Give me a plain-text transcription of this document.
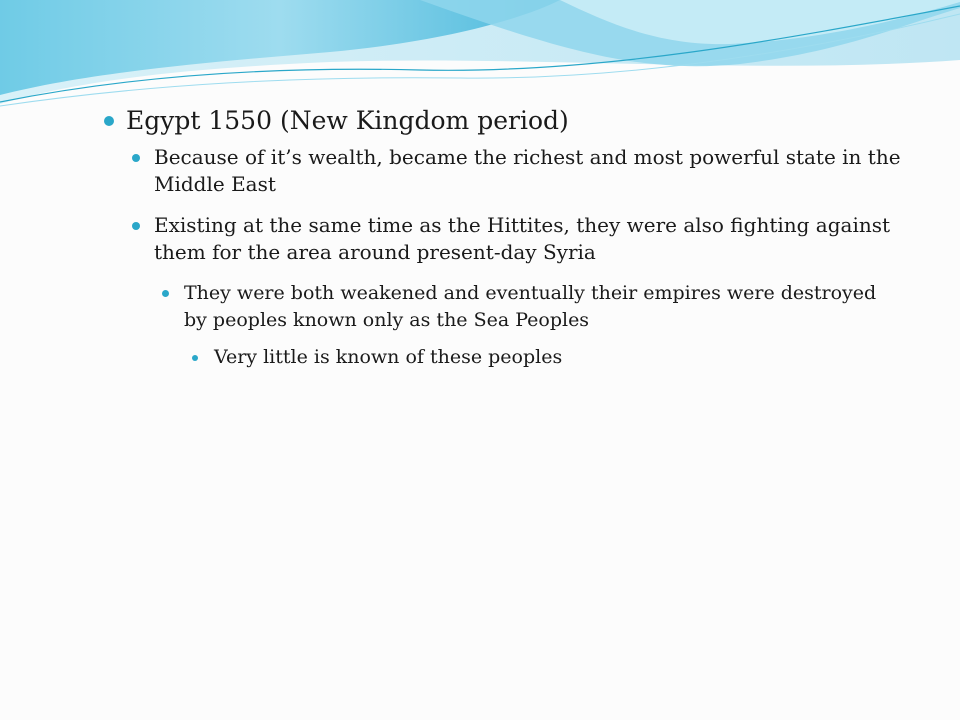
Egypt 1550 (New Kingdom period)
Because of it’s wealth, became the richest and most powerful state in the Middle East
Existing at the same time as the Hittites, they were also fighting against them for the area around present-day Syria
They were both weakened and eventually their empires were destroyed by peoples known only as the Sea Peoples
Very little is known of these peoples
